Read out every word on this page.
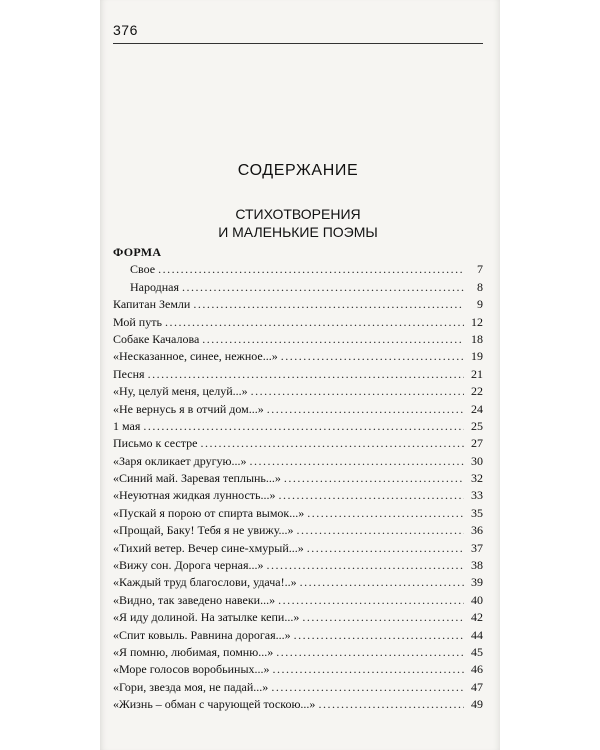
376
СОДЕРЖАНИЕ
СТИХОТВОРЕНИЯ
И МАЛЕНЬКИЕ ПОЭМЫ
ФОРМА
Свое .....	7
Народная .....	8
Капитан Земли .....	9
Мой путь .....	12
Собаке Качалова .....	18
«Несказанное, синее, нежное...» .....	19
Песня .....	21
«Ну, целуй меня, целуй...» .....	22
«Не вернусь я в отчий дом...» .....	24
1 мая .....	25
Письмо к сестре .....	27
«Заря окликает другую...» .....	30
«Синий май. Заревая теплынь...» .....	32
«Неуютная жидкая лунность...» .....	33
«Пускай я порою от спирта вымок...» .....	35
«Прощай, Баку! Тебя я не увижу...» .....	36
«Тихий ветер. Вечер сине-хмурый...» .....	37
«Вижу сон. Дорога черная...» .....	38
«Каждый труд благослови, удача!..» .....	39
«Видно, так заведено навеки...» .....	40
«Я иду долиной. На затылке кепи...» .....	42
«Спит ковыль. Равнина дорогая...» .....	44
«Я помню, любимая, помню...» .....	45
«Море голосов воробьиных...» .....	46
«Гори, звезда моя, не падай...» .....	47
«Жизнь – обман с чарующей тоскою...» .....	49
